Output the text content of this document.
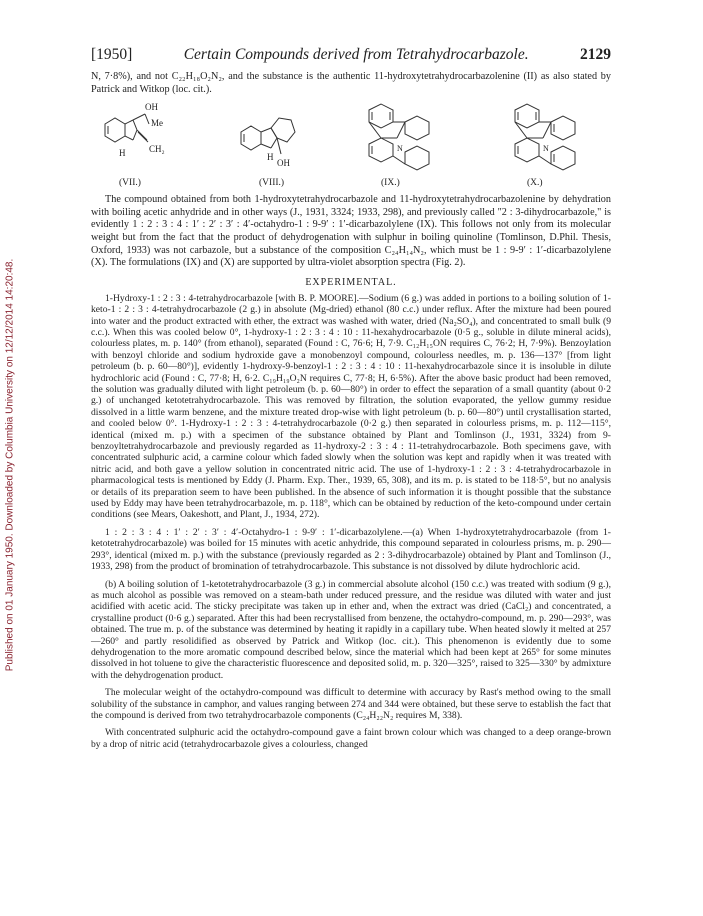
Published on 01 January 1950. Downloaded by Columbia University on 12/12/2014 14:20:48.
[1950]	Certain Compounds derived from Tetrahydrocarbazole.	2129

N, 7·8%), and not C₂₂H₁₈O₂N₂, and the substance is the authentic 11-hydroxytetrahydrocarbazolenine (II) as also stated by Patrick and Witkop (loc. cit.).

OH
Me
H	CH₂
H
OH
N	N
(VII.)	(VIII.)	(IX.)	(X.)

The compound obtained from both 1-hydroxytetrahydrocarbazole and 11-hydroxytetrahydrocarbazolenine by dehydration with boiling acetic anhydride and in other ways (J., 1931, 3324; 1933, 298), and previously called "2 : 3-dihydrocarbazole," is evidently 1 : 2 : 3 : 4 : 1′ : 2′ : 3′ : 4′-octahydro-1 : 9-9′ : 1′-dicarbazolylene (IX). This follows not only from its molecular weight but from the fact that the product of dehydrogenation with sulphur in boiling quinoline (Tomlinson, D.Phil. Thesis, Oxford, 1933) was not carbazole, but a substance of the composition C₂₄H₁₄N₂, which must be 1 : 9-9′ : 1′-dicarbazolylene (X). The formulations (IX) and (X) are supported by ultra-violet absorption spectra (Fig. 2).

EXPERIMENTAL.

1-Hydroxy-1 : 2 : 3 : 4-tetrahydrocarbazole [with B. P. MOORE].—Sodium (6 g.) was added in portions to a boiling solution of 1-keto-1 : 2 : 3 : 4-tetrahydrocarbazole (2 g.) in absolute (Mg-dried) ethanol (80 c.c.) under reflux. After the mixture had been poured into water and the product extracted with ether, the extract was washed with water, dried (Na₂SO₄), and concentrated to small bulk (9 c.c.). When this was cooled below 0°, 1-hydroxy-1 : 2 : 3 : 4 : 10 : 11-hexahydrocarbazole (0·5 g., soluble in dilute mineral acids), colourless plates, m. p. 140° (from ethanol), separated (Found : C, 76·6; H, 7·9. C₁₂H₁₅ON requires C, 76·2; H, 7·9%). Benzoylation with benzoyl chloride and sodium hydroxide gave a monobenzoyl compound, colourless needles, m. p. 136—137° [from light petroleum (b. p. 60—80°)], evidently 1-hydroxy-9-benzoyl-1 : 2 : 3 : 4 : 10 : 11-hexahydrocarbazole since it is insoluble in dilute hydrochloric acid (Found : C, 77·8; H, 6·2. C₁₉H₁₉O₂N requires C, 77·8; H, 6·5%). After the above basic product had been removed, the solution was gradually diluted with light petroleum (b. p. 60—80°) in order to effect the separation of a small quantity (about 0·2 g.) of unchanged ketotetrahydrocarbazole. This was removed by filtration, the solution evaporated, the yellow gummy residue dissolved in a little warm benzene, and the mixture treated drop-wise with light petroleum (b. p. 60—80°) until crystallisation started, and cooled below 0°. 1-Hydroxy-1 : 2 : 3 : 4-tetrahydrocarbazole (0·2 g.) then separated in colourless prisms, m. p. 112—115°, identical (mixed m. p.) with a specimen of the substance obtained by Plant and Tomlinson (J., 1931, 3324) from 9-benzoyltetrahydrocarbazole and previously regarded as 11-hydroxy-2 : 3 : 4 : 11-tetrahydrocarbazole. Both specimens gave, with concentrated sulphuric acid, a carmine colour which faded slowly when the solution was kept and rapidly when it was treated with nitric acid, and both gave a yellow solution in concentrated nitric acid. The use of 1-hydroxy-1 : 2 : 3 : 4-tetrahydrocarbazole in pharmacological tests is mentioned by Eddy (J. Pharm. Exp. Ther., 1939, 65, 308), and its m. p. is stated to be 118·5°, but no analysis or details of its preparation seem to have been published. In the absence of such information it is thought possible that the substance used by Eddy may have been tetrahydrocarbazole, m. p. 118°, which can be obtained by reduction of the keto-compound under certain conditions (see Mears, Oakeshott, and Plant, J., 1934, 272).

1 : 2 : 3 : 4 : 1′ : 2′ : 3′ : 4′-Octahydro-1 : 9-9′ : 1′-dicarbazolylene.—(a) When 1-hydroxytetrahydrocarbazole (from 1-ketotetrahydrocarbazole) was boiled for 15 minutes with acetic anhydride, this compound separated in colourless prisms, m. p. 290—293°, identical (mixed m. p.) with the substance (previously regarded as 2 : 3-dihydrocarbazole) obtained by Plant and Tomlinson (J., 1933, 298) from the product of bromination of tetrahydrocarbazole. This substance is not dissolved by dilute hydrochloric acid.

(b) A boiling solution of 1-ketotetrahydrocarbazole (3 g.) in commercial absolute alcohol (150 c.c.) was treated with sodium (9 g.), as much alcohol as possible was removed on a steam-bath under reduced pressure, and the residue was diluted with water and just acidified with acetic acid. The sticky precipitate was taken up in ether and, when the extract was dried (CaCl₂) and concentrated, a crystalline product (0·6 g.) separated. After this had been recrystallised from benzene, the octahydro-compound, m. p. 290—293°, was obtained. The true m. p. of the substance was determined by heating it rapidly in a capillary tube. When heated slowly it melted at 257—260° and partly resolidified as observed by Patrick and Witkop (loc. cit.). This phenomenon is evidently due to some dehydrogenation to the more aromatic compound described below, since the material which had been kept at 265° for some minutes dissolved in hot toluene to give the characteristic fluorescence and deposited solid, m. p. 320—325°, raised to 325—330° by admixture with the dehydrogenation product.

The molecular weight of the octahydro-compound was difficult to determine with accuracy by Rast's method owing to the small solubility of the substance in camphor, and values ranging between 274 and 344 were obtained, but these serve to establish the fact that the compound is derived from two tetrahydrocarbazole components (C₂₄H₂₂N₂ requires M, 338).

With concentrated sulphuric acid the octahydro-compound gave a faint brown colour which was changed to a deep orange-brown by a drop of nitric acid (tetrahydrocarbazole gives a colourless, changed
